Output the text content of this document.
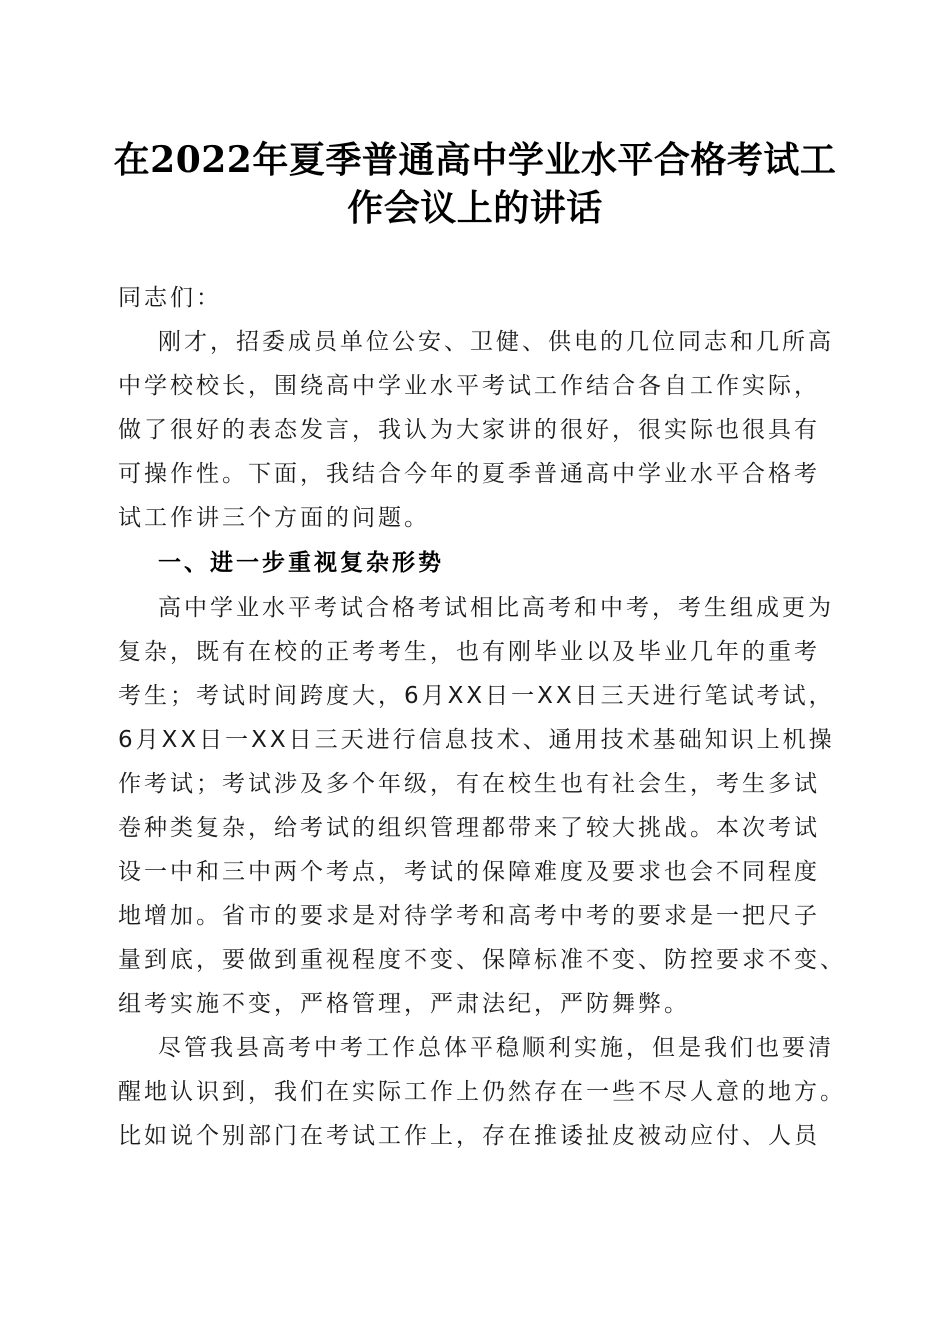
在2022年夏季普通高中学业水平合格考试工
作会议上的讲话
同志们：
刚才，招委成员单位公安、卫健、供电的几位同志和几所高
中学校校长，围绕高中学业水平考试工作结合各自工作实际，
做了很好的表态发言，我认为大家讲的很好，很实际也很具有
可操作性。下面，我结合今年的夏季普通高中学业水平合格考
试工作讲三个方面的问题。
一、进一步重视复杂形势
高中学业水平考试合格考试相比高考和中考，考生组成更为
复杂，既有在校的正考考生，也有刚毕业以及毕业几年的重考
考生；考试时间跨度大，6月XX日一XX日三天进行笔试考试，
6月XX日一XX日三天进行信息技术、通用技术基础知识上机操
作考试；考试涉及多个年级，有在校生也有社会生，考生多试
卷种类复杂，给考试的组织管理都带来了较大挑战。本次考试
设一中和三中两个考点，考试的保障难度及要求也会不同程度
地增加。省市的要求是对待学考和高考中考的要求是一把尺子
量到底，要做到重视程度不变、保障标准不变、防控要求不变、
组考实施不变，严格管理，严肃法纪，严防舞弊。
尽管我县高考中考工作总体平稳顺利实施，但是我们也要清
醒地认识到，我们在实际工作上仍然存在一些不尽人意的地方。
比如说个别部门在考试工作上，存在推诿扯皮被动应付、人员
